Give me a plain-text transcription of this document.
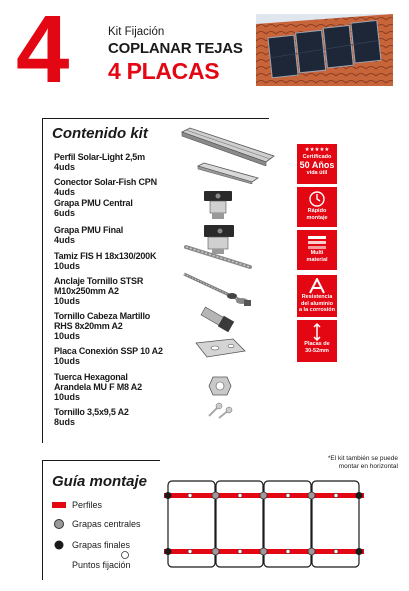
4	Kit Fijación
COPLANAR TEJAS
4 PLACAS
Contenido kit
Perfil Solar-Light 2,5m
4uds
Conector Solar-Fish CPN
4uds
Grapa PMU Central
6uds
Grapa PMU Final
4uds
Tamiz FIS H 18x130/200K
10uds
Anclaje Tornillo STSR M10x250mm A2
10uds
Tornillo Cabeza Martillo RHS 8x20mm A2
10uds
Placa Conexión SSP 10 A2
10uds
Tuerca Hexagonal Arandela MU F M8 A2
10uds
Tornillo 3,5x9,5 A2
8uds
★★★★★
Certificado
50 Años
vida útil
Rápido
montaje
Multi
material
Resistencia
del aluminio
a la corrosión
Placas de
30-52mm
Guía montaje
*El kit también se puede montar en horizontal
Perfiles
Grapas centrales
Grapas finales
Puntos fijación
